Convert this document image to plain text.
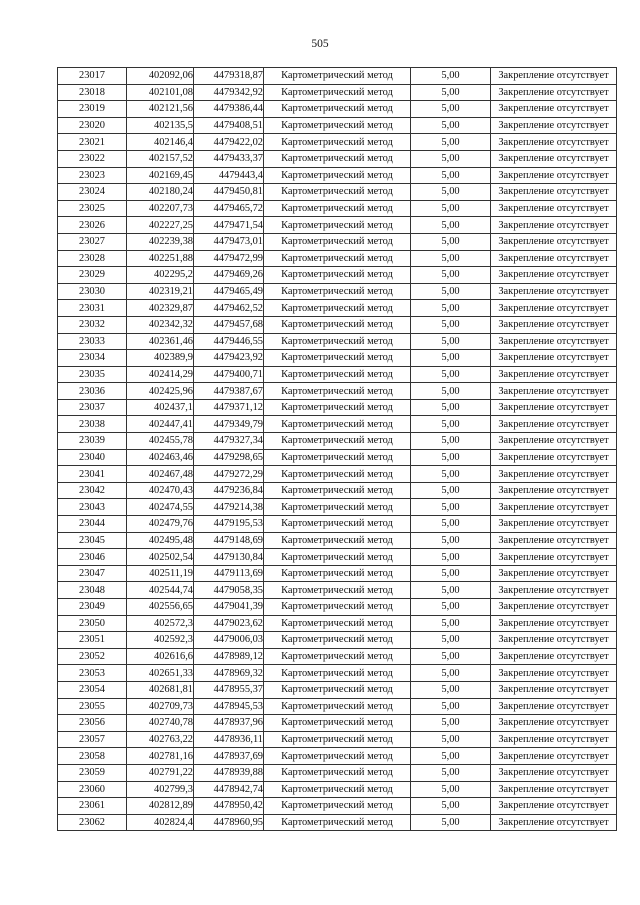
505
23017	402092,06	4479318,87	Картометрический метод	5,00	Закрепление отсутствует
23018	402101,08	4479342,92	Картометрический метод	5,00	Закрепление отсутствует
23019	402121,56	4479386,44	Картометрический метод	5,00	Закрепление отсутствует
23020	402135,5	4479408,51	Картометрический метод	5,00	Закрепление отсутствует
23021	402146,4	4479422,02	Картометрический метод	5,00	Закрепление отсутствует
23022	402157,52	4479433,37	Картометрический метод	5,00	Закрепление отсутствует
23023	402169,45	4479443,4	Картометрический метод	5,00	Закрепление отсутствует
23024	402180,24	4479450,81	Картометрический метод	5,00	Закрепление отсутствует
23025	402207,73	4479465,72	Картометрический метод	5,00	Закрепление отсутствует
23026	402227,25	4479471,54	Картометрический метод	5,00	Закрепление отсутствует
23027	402239,38	4479473,01	Картометрический метод	5,00	Закрепление отсутствует
23028	402251,88	4479472,99	Картометрический метод	5,00	Закрепление отсутствует
23029	402295,2	4479469,26	Картометрический метод	5,00	Закрепление отсутствует
23030	402319,21	4479465,49	Картометрический метод	5,00	Закрепление отсутствует
23031	402329,87	4479462,52	Картометрический метод	5,00	Закрепление отсутствует
23032	402342,32	4479457,68	Картометрический метод	5,00	Закрепление отсутствует
23033	402361,46	4479446,55	Картометрический метод	5,00	Закрепление отсутствует
23034	402389,9	4479423,92	Картометрический метод	5,00	Закрепление отсутствует
23035	402414,29	4479400,71	Картометрический метод	5,00	Закрепление отсутствует
23036	402425,96	4479387,67	Картометрический метод	5,00	Закрепление отсутствует
23037	402437,1	4479371,12	Картометрический метод	5,00	Закрепление отсутствует
23038	402447,41	4479349,79	Картометрический метод	5,00	Закрепление отсутствует
23039	402455,78	4479327,34	Картометрический метод	5,00	Закрепление отсутствует
23040	402463,46	4479298,65	Картометрический метод	5,00	Закрепление отсутствует
23041	402467,48	4479272,29	Картометрический метод	5,00	Закрепление отсутствует
23042	402470,43	4479236,84	Картометрический метод	5,00	Закрепление отсутствует
23043	402474,55	4479214,38	Картометрический метод	5,00	Закрепление отсутствует
23044	402479,76	4479195,53	Картометрический метод	5,00	Закрепление отсутствует
23045	402495,48	4479148,69	Картометрический метод	5,00	Закрепление отсутствует
23046	402502,54	4479130,84	Картометрический метод	5,00	Закрепление отсутствует
23047	402511,19	4479113,69	Картометрический метод	5,00	Закрепление отсутствует
23048	402544,74	4479058,35	Картометрический метод	5,00	Закрепление отсутствует
23049	402556,65	4479041,39	Картометрический метод	5,00	Закрепление отсутствует
23050	402572,3	4479023,62	Картометрический метод	5,00	Закрепление отсутствует
23051	402592,3	4479006,03	Картометрический метод	5,00	Закрепление отсутствует
23052	402616,6	4478989,12	Картометрический метод	5,00	Закрепление отсутствует
23053	402651,33	4478969,32	Картометрический метод	5,00	Закрепление отсутствует
23054	402681,81	4478955,37	Картометрический метод	5,00	Закрепление отсутствует
23055	402709,73	4478945,53	Картометрический метод	5,00	Закрепление отсутствует
23056	402740,78	4478937,96	Картометрический метод	5,00	Закрепление отсутствует
23057	402763,22	4478936,11	Картометрический метод	5,00	Закрепление отсутствует
23058	402781,16	4478937,69	Картометрический метод	5,00	Закрепление отсутствует
23059	402791,22	4478939,88	Картометрический метод	5,00	Закрепление отсутствует
23060	402799,3	4478942,74	Картометрический метод	5,00	Закрепление отсутствует
23061	402812,89	4478950,42	Картометрический метод	5,00	Закрепление отсутствует
23062	402824,4	4478960,95	Картометрический метод	5,00	Закрепление отсутствует
